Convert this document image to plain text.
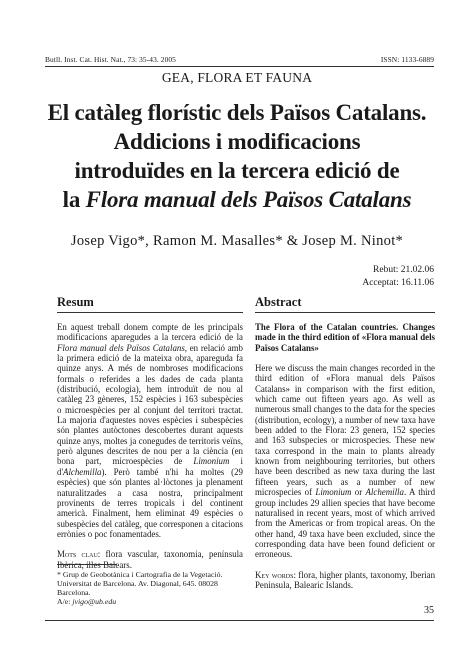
Butll. Inst. Cat. Hist. Nat., 73: 35-43. 2005	ISSN: 1133-6889
GEA, FLORA ET FAUNA
El catàleg florístic dels Països Catalans.
Addicions i modificacions
introduïdes en la tercera edició de
la Flora manual dels Països Catalans
Josep Vigo*, Ramon M. Masalles* & Josep M. Ninot*
Rebut: 21.02.06
Acceptat: 16.11.06
Resum	Abstract
En aquest treball donem compte de les principals modificacions aparegudes a la tercera edició de la Flora manual dels Països Catalans, en relació amb la primera edició de la mateixa obra, apareguda fa quinze anys. A més de nombroses modificacions formals o referides a les dades de cada planta (distribució, ecologia), hem introduït de nou al catàleg 23 gèneres, 152 espècies i 163 subespècies o microespècies per al conjunt del territori tractat. La majoria d'aquestes noves espècies i subespècies són plantes autòctones descobertes durant aquests quinze anys, moltes ja conegudes de territoris veïns, però algunes descrites de nou per a la ciència (en bona part, microespècies de Limonium i d'Alchemilla). Però també n'hi ha moltes (29 espècies) que són plantes al·lòctones ja plenament naturalitzades a casa nostra, principalment provinents de terres tropicals i del continent americà. Finalment, hem eliminat 49 espècies o subespècies del catàleg, que corresponen a citacions errònies o poc fonamentades.
Mots clau: flora vascular, taxonomia, península Ibèrica, illes Balears.
The Flora of the Catalan countries. Changes made in the third edition of «Flora manual dels Països Catalans»
Here we discuss the main changes recorded in the third edition of «Flora manual dels Països Catalans» in comparison with the first edition, which came out fifteen years ago. As well as numerous small changes to the data for the species (distribution, ecology), a number of new taxa have been added to the Flora: 23 genera, 152 species and 163 subspecies or microspecies. These new taxa correspond in the main to plants already known from neighbouring territories, but others have been described as new taxa during the last fifteen years, such as a number of new microspecies of Limonium or Alchemilla. A third group includes 29 allien species that have become naturalised in recent years, most of which arrived from the Americas or from tropical areas. On the other hand, 49 taxa have been excluded, since the corresponding data have been found deficient or erroneous.
Key words: flora, higher plants, taxonomy, Iberian Peninsula, Balearic Islands.
* Grup de Geobotànica i Cartografia de la Vegetació. Universitat de Barcelona. Av. Diagonal, 645. 08028 Barcelona.
A/e: jvigo@ub.edu
35
